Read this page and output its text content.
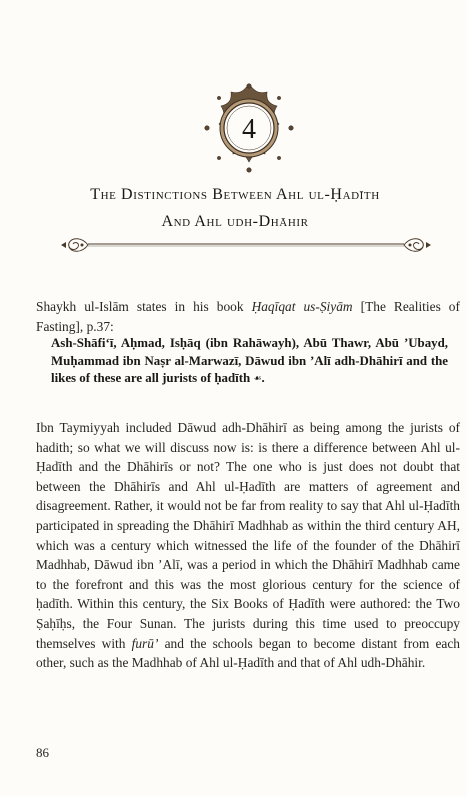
4
The Distinctions Between Ahl ul-Ḥadīth
And Ahl udh-Dhāhir
Shaykh ul-Islām states in his book Ḥaqīqat us-Ṣiyām [The Realities of Fasting], p.37:
Ash-Shāfi‘ī, Aḥmad, Isḥāq (ibn Rahāwayh), Abū Thawr, Abū ’Ubayd, Muḥammad ibn Naṣr al-Marwazī, Dāwud ibn ’Alī adh-Dhāhirī and the likes of these are all jurists of ḥadīth ☙.

Ibn Taymiyyah included Dāwud adh-Dhāhirī as being among the jurists of hadith; so what we will discuss now is: is there a difference between Ahl ul-Ḥadīth and the Dhāhirīs or not? The one who is just does not doubt that between the Dhāhirīs and Ahl ul-Ḥadīth are matters of agreement and disagreement. Rather, it would not be far from reality to say that Ahl ul-Ḥadīth participated in spreading the Dhāhirī Madhhab as within the third century AH, which was a century which witnessed the life of the founder of the Dhāhirī Madhhab, Dāwud ibn ’Alī, was a period in which the Dhāhirī Madhhab came to the forefront and this was the most glorious century for the science of ḥadīth. Within this century, the Six Books of Ḥadīth were authored: the Two Ṣaḥīḥs, the Four Sunan. The jurists during this time used to preoccupy themselves with furū’ and the schools began to become distant from each other, such as the Madhhab of Ahl ul-Ḥadīth and that of Ahl udh-Dhāhir.

86
